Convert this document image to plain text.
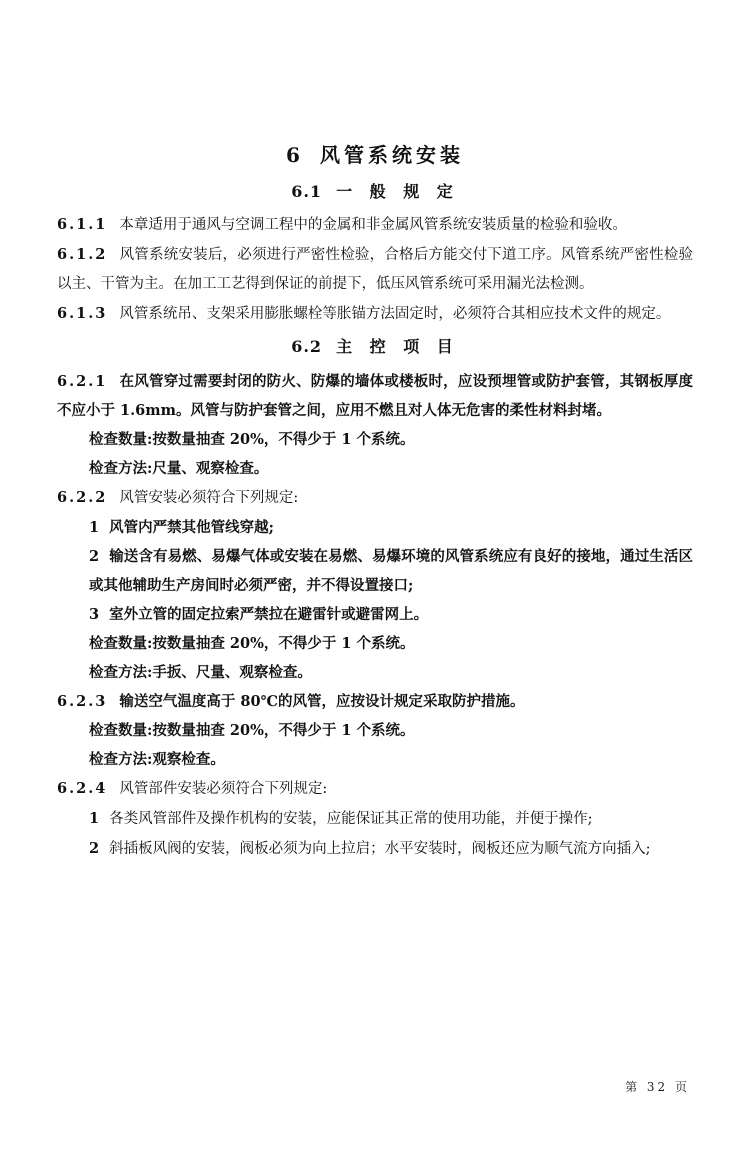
6 风管系统安装
6.1 一 般 规 定

6.1.1 本章适用于通风与空调工程中的金属和非金属风管系统安装质量的检验和验收。

6.1.2 风管系统安装后，必须进行严密性检验，合格后方能交付下道工序。风管系统严密性检验以主、干管为主。在加工工艺得到保证的前提下，低压风管系统可采用漏光法检测。

6.1.3 风管系统吊、支架采用膨胀螺栓等胀锚方法固定时，必须符合其相应技术文件的规定。

6.2 主 控 项 目

6.2.1 在风管穿过需要封闭的防火、防爆的墙体或楼板时，应设预埋管或防护套管，其钢板厚度不应小于 1.6mm。风管与防护套管之间，应用不燃且对人体无危害的柔性材料封堵。

检查数量:按数量抽查 20%，不得少于 1 个系统。

检查方法:尺量、观察检查。

6.2.2 风管安装必须符合下列规定:

1 风管内严禁其他管线穿越;

2 输送含有易燃、易爆气体或安装在易燃、易爆环境的风管系统应有良好的接地，通过生活区或其他辅助生产房间时必须严密，并不得设置接口;

3 室外立管的固定拉索严禁拉在避雷针或避雷网上。

检查数量:按数量抽查 20%，不得少于 1 个系统。

检查方法:手扳、尺量、观察检查。

6.2.3 输送空气温度高于 80℃的风管，应按设计规定采取防护措施。

检查数量:按数量抽查 20%，不得少于 1 个系统。

检查方法:观察检查。

6.2.4 风管部件安装必须符合下列规定:

1 各类风管部件及操作机构的安装，应能保证其正常的使用功能，并便于操作;

2 斜插板风阀的安装，阀板必须为向上拉启；水平安装时，阀板还应为顺气流方向插入;

第 32 页
